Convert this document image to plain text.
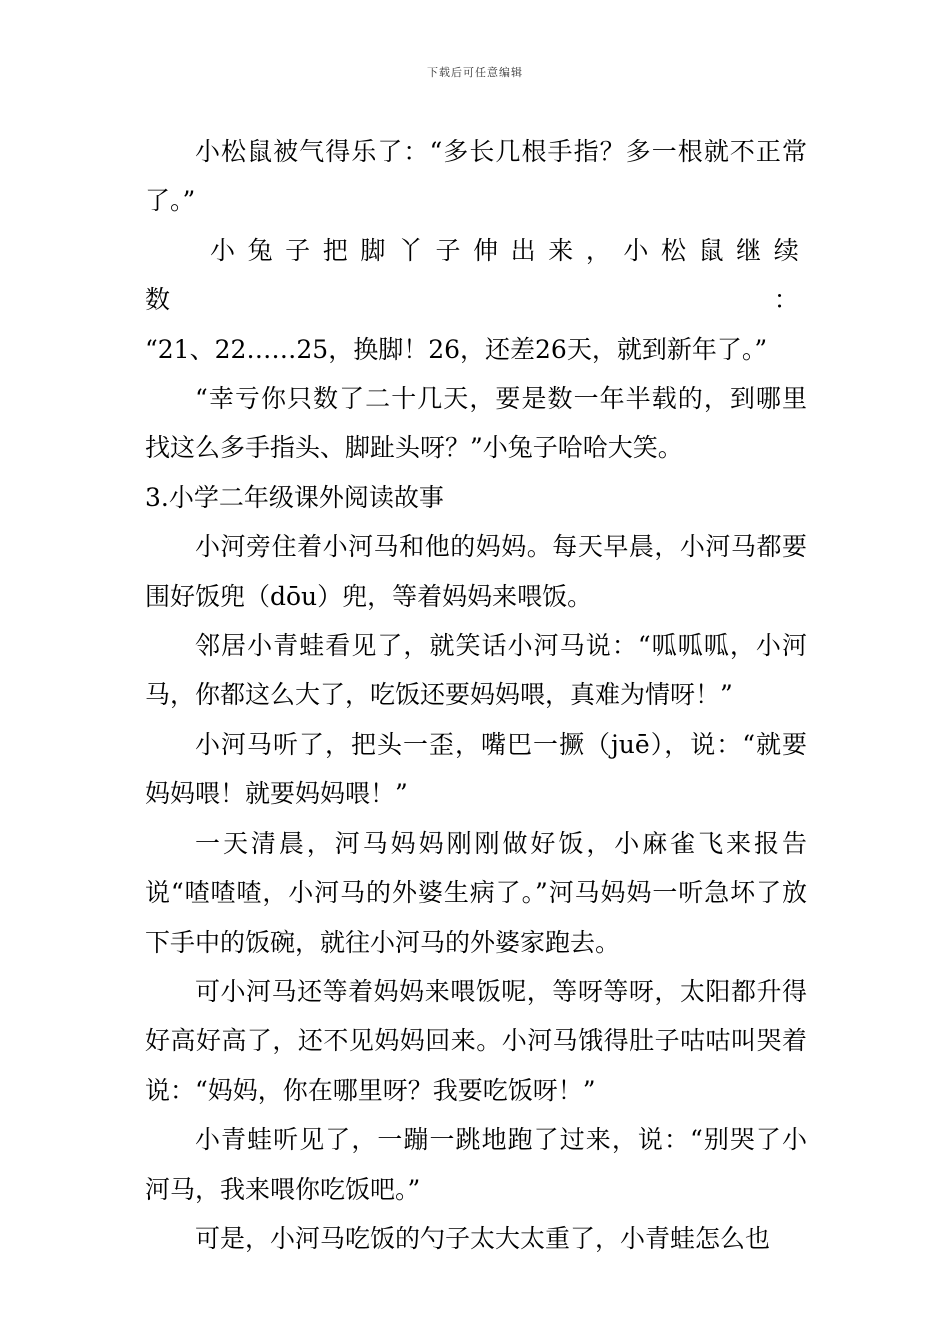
下载后可任意编辑

小松鼠被气得乐了：“多长几根手指？多一根就不正常了。”

小兔子把脚丫子伸出来，小松鼠继续数：

“21、22……25，换脚！26，还差26天，就到新年了。”

“幸亏你只数了二十几天，要是数一年半载的，到哪里找这么多手指头、脚趾头呀？”小兔子哈哈大笑。

3.小学二年级课外阅读故事

小河旁住着小河马和他的妈妈。每天早晨，小河马都要围好饭兜（dōu）兜，等着妈妈来喂饭。

邻居小青蛙看见了，就笑话小河马说：“呱呱呱，小河马，你都这么大了，吃饭还要妈妈喂，真难为情呀！”

小河马听了，把头一歪，嘴巴一撅（juē），说：“就要妈妈喂！就要妈妈喂！”

一天清晨，河马妈妈刚刚做好饭，小麻雀飞来报告说“喳喳喳，小河马的外婆生病了。”河马妈妈一听急坏了放下手中的饭碗，就往小河马的外婆家跑去。

可小河马还等着妈妈来喂饭呢，等呀等呀，太阳都升得好高好高了，还不见妈妈回来。小河马饿得肚子咕咕叫哭着说：“妈妈，你在哪里呀？我要吃饭呀！”

小青蛙听见了，一蹦一跳地跑了过来，说：“别哭了小河马，我来喂你吃饭吧。”

可是，小河马吃饭的勺子太大太重了，小青蛙怎么也
